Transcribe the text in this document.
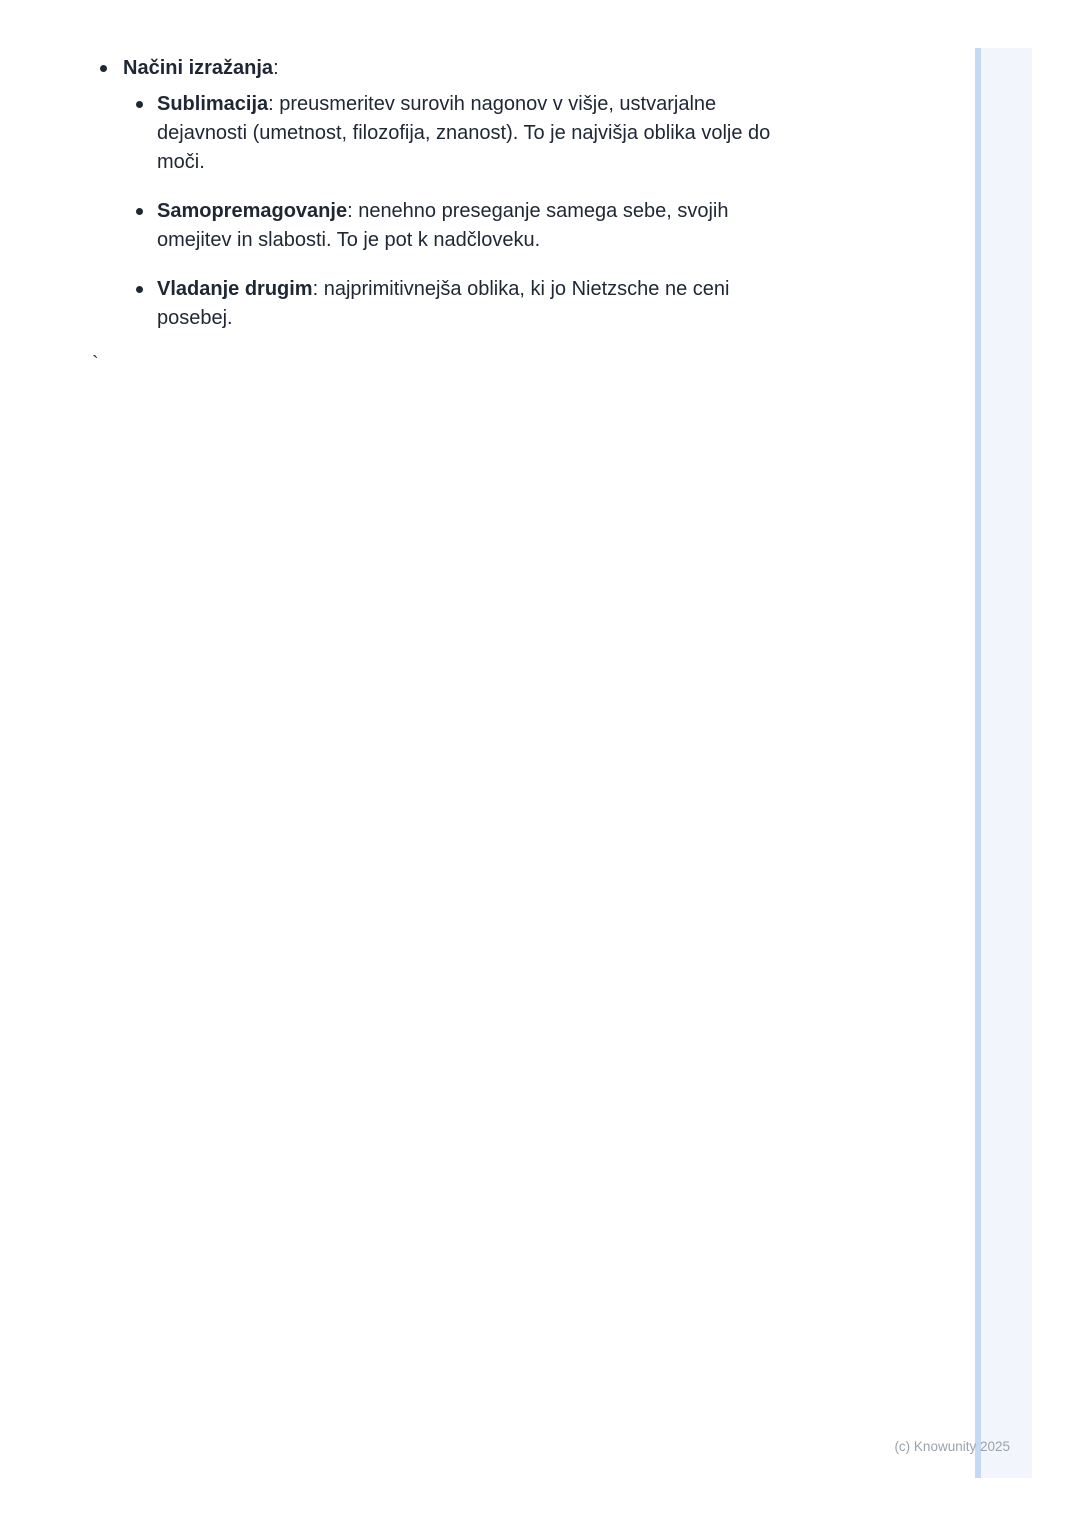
Načini izražanja:
Sublimacija: preusmeritev surovih nagonov v višje, ustvarjalne
dejavnosti (umetnost, filozofija, znanost). To je najvišja oblika volje do
moči.
Samopremagovanje: nenehno preseganje samega sebe, svojih
omejitev in slabosti. To je pot k nadčloveku.
Vladanje drugim: najprimitivnejša oblika, ki jo Nietzsche ne ceni
posebej.
`
(c) Knowunity 2025
